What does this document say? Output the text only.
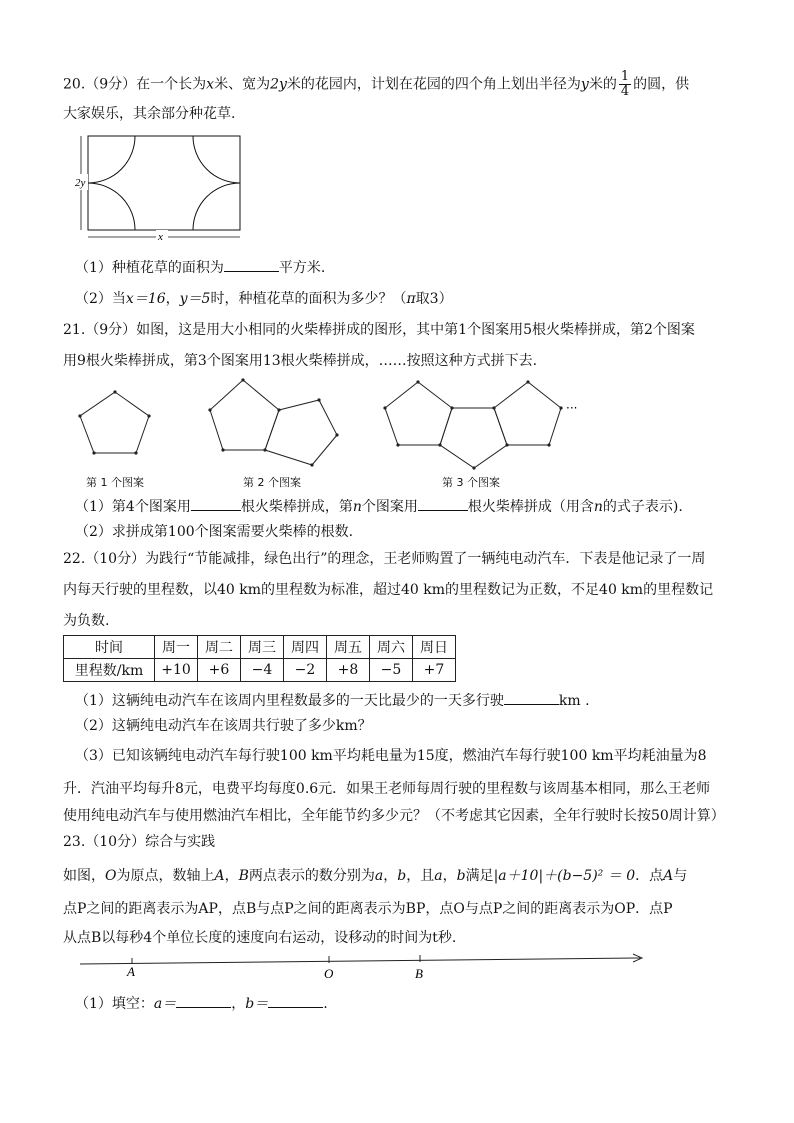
20.（9分）在一个长为x米、宽为2y米的花园内，计划在花园的四个角上划出半径为y米的 $\frac{1}{4}$ 的圆，供
大家娱乐，其余部分种花草.
2y
x
（1）种植花草的面积为	平方米.
（2）当x＝16，y＝5时，种植花草的面积为多少？（π取3）
21.（9分）如图，这是用大小相同的火柴棒拼成的图形，其中第1个图案用5根火柴棒拼成，第2个图案
用9根火柴棒拼成，第3个图案用13根火柴棒拼成，……按照这种方式拼下去.
···
第 1 个图案	第 2 个图案	第 3 个图案
（1）第4个图案用	根火柴棒拼成，第n个图案用	根火柴棒拼成（用含n的式子表示).
（2）求拼成第100个图案需要火柴棒的根数.
22.（10分）为践行“节能减排，绿色出行”的理念，王老师购置了一辆纯电动汽车．下表是他记录了一周
内每天行驶的里程数，以40 km的里程数为标准，超过40 km的里程数记为正数，不足40 km的里程数记
为负数.
时间	周一	周二	周三	周四	周五	周六	周日
里程数/km	+10	+6	−4	−2	+8	−5	+7
（1）这辆纯电动汽车在该周内里程数最多的一天比最少的一天多行驶	km .
（2）这辆纯电动汽车在该周共行驶了多少km？
（3）已知该辆纯电动汽车每行驶100 km平均耗电量为15度，燃油汽车每行驶100 km平均耗油量为8
升．汽油平均每升8元，电费平均每度0.6元．如果王老师每周行驶的里程数与该周基本相同，那么王老师
使用纯电动汽车与使用燃油汽车相比，全年能节约多少元？（不考虑其它因素，全年行驶时长按50周计算）
23.（10分）综合与实践
如图，O为原点，数轴上A，B两点表示的数分别为a，b，且a，b满足|a＋10|＋(b−5)² ＝ 0．点A与
点P之间的距离表示为AP，点B与点P之间的距离表示为BP，点O与点P之间的距离表示为OP．点P
从点B以每秒4个单位长度的速度向右运动，设移动的时间为t秒.
A	O	B
（1）填空：a＝	，b＝	.
